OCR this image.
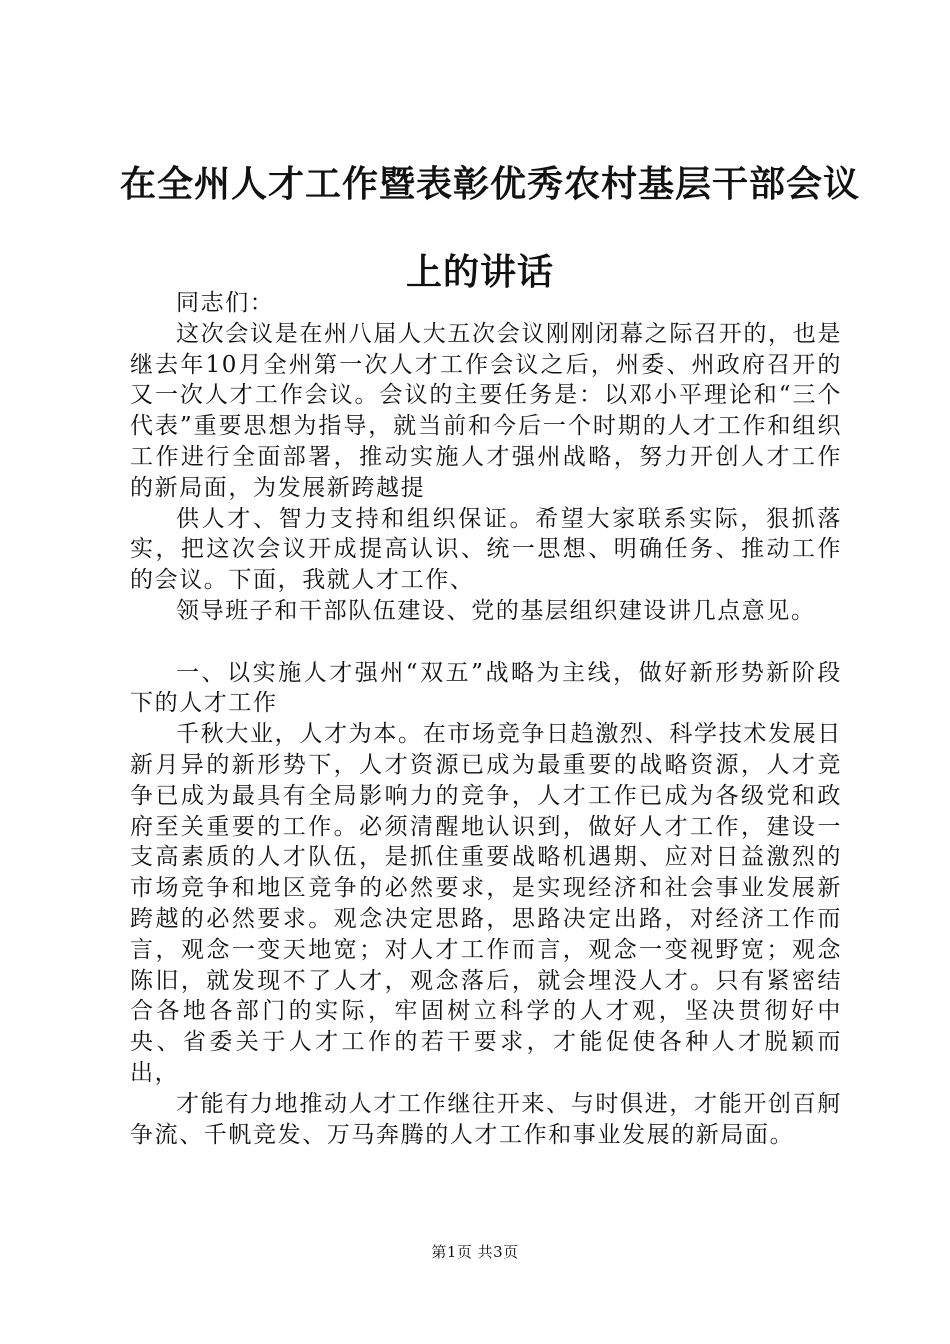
在全州人才工作暨表彰优秀农村基层干部会议
上的讲话

同志们：

这次会议是在州八届人大五次会议刚刚闭幕之际召开的，也是继去年10月全州第一次人才工作会议之后，州委、州政府召开的又一次人才工作会议。会议的主要任务是：以邓小平理论和“三个代表”重要思想为指导，就当前和今后一个时期的人才工作和组织工作进行全面部署，推动实施人才强州战略，努力开创人才工作的新局面，为发展新跨越提

供人才、智力支持和组织保证。希望大家联系实际，狠抓落实，把这次会议开成提高认识、统一思想、明确任务、推动工作的会议。下面，我就人才工作、

领导班子和干部队伍建设、党的基层组织建设讲几点意见。

一、以实施人才强州“双五”战略为主线，做好新形势新阶段下的人才工作

千秋大业，人才为本。在市场竞争日趋激烈、科学技术发展日新月异的新形势下，人才资源已成为最重要的战略资源，人才竞争已成为最具有全局影响力的竞争，人才工作已成为各级党和政府至关重要的工作。必须清醒地认识到，做好人才工作，建设一支高素质的人才队伍，是抓住重要战略机遇期、应对日益激烈的市场竞争和地区竞争的必然要求，是实现经济和社会事业发展新跨越的必然要求。观念决定思路，思路决定出路，对经济工作而言，观念一变天地宽；对人才工作而言，观念一变视野宽；观念陈旧，就发现不了人才，观念落后，就会埋没人才。只有紧密结合各地各部门的实际，牢固树立科学的人才观，坚决贯彻好中央、省委关于人才工作的若干要求，才能促使各种人才脱颖而出，

才能有力地推动人才工作继往开来、与时俱进，才能开创百舸争流、千帆竞发、万马奔腾的人才工作和事业发展的新局面。

第1页 共3页
